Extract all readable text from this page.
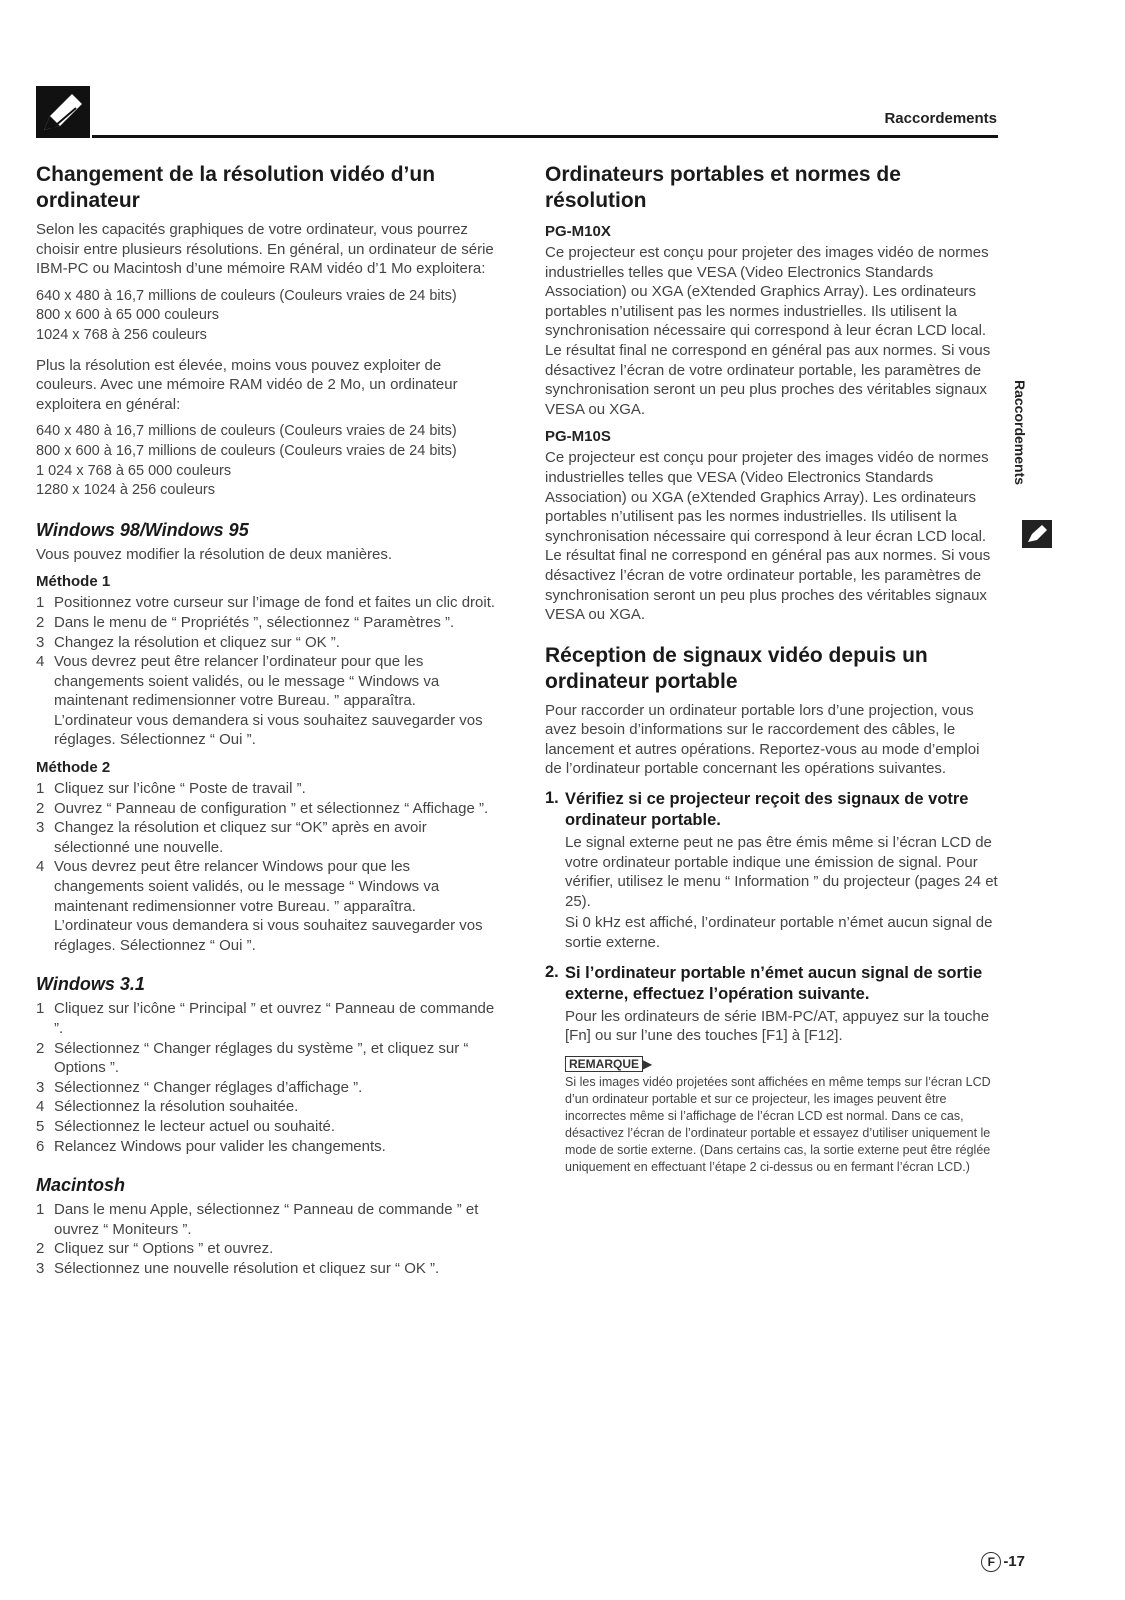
Raccordements
Changement de la résolution vidéo d’un ordinateur

Selon les capacités graphiques de votre ordinateur, vous pourrez choisir entre plusieurs résolutions. En général, un ordinateur de série IBM-PC ou Macintosh d’une mémoire RAM vidéo d’1 Mo exploitera:

640 x 480 à 16,7 millions de couleurs (Couleurs vraies de 24 bits)
800 x 600 à 65 000 couleurs
1024 x 768 à 256 couleurs

Plus la résolution est élevée, moins vous pouvez exploiter de couleurs. Avec une mémoire RAM vidéo de 2 Mo, un ordinateur exploitera en général:

640 x 480 à 16,7 millions de couleurs (Couleurs vraies de 24 bits)
800 x 600 à 16,7 millions de couleurs (Couleurs vraies de 24 bits)
1 024 x 768 à 65 000 couleurs
1280 x 1024 à 256 couleurs
Windows 98/Windows 95

Vous pouvez modifier la résolution de deux manières.

Méthode 1
1 Positionnez votre curseur sur l’image de fond et faites un clic droit.
2 Dans le menu de “ Propriétés ”, sélectionnez “ Paramètres ”.
3 Changez la résolution et cliquez sur “ OK ”.
4 Vous devrez peut être relancer l’ordinateur pour que les changements soient validés, ou le message “ Windows va maintenant redimensionner votre Bureau. ” apparaîtra. L’ordinateur vous demandera si vous souhaitez sauvegarder vos réglages. Sélectionnez “ Oui ”.
Méthode 2
1 Cliquez sur l’icône “ Poste de travail ”.
2 Ouvrez “ Panneau de configuration ” et sélectionnez “ Affichage ”.
3 Changez la résolution et cliquez sur “OK” après en avoir sélectionné une nouvelle.
4 Vous devrez peut être relancer Windows pour que les changements soient validés, ou le message “ Windows va maintenant redimensionner votre Bureau. ” apparaîtra. L’ordinateur vous demandera si vous souhaitez sauvegarder vos réglages. Sélectionnez “ Oui ”.
Windows 3.1
1 Cliquez sur l’icône “ Principal ” et ouvrez “ Panneau de commande ”.
2 Sélectionnez “ Changer réglages du système ”, et cliquez sur “ Options ”.
3 Sélectionnez “ Changer réglages d’affichage ”.
4 Sélectionnez la résolution souhaitée.
5 Sélectionnez le lecteur actuel ou souhaité.
6 Relancez Windows pour valider les changements.
Macintosh
1 Dans le menu Apple, sélectionnez “ Panneau de commande ” et ouvrez “ Moniteurs ”.
2 Cliquez sur “ Options ” et ouvrez.
3 Sélectionnez une nouvelle résolution et cliquez sur “ OK ”.
Ordinateurs portables et normes de résolution
PG-M10X

Ce projecteur est conçu pour projeter des images vidéo de normes industrielles telles que VESA (Video Electronics Standards Association) ou XGA (eXtended Graphics Array). Les ordinateurs portables n’utilisent pas les normes industrielles. Ils utilisent la synchronisation nécessaire qui correspond à leur écran LCD local. Le résultat final ne correspond en général pas aux normes. Si vous désactivez l’écran de votre ordinateur portable, les paramètres de synchronisation seront un peu plus proches des véritables signaux VESA ou XGA.

PG-M10S

Ce projecteur est conçu pour projeter des images vidéo de normes industrielles telles que VESA (Video Electronics Standards Association) ou XGA (eXtended Graphics Array). Les ordinateurs portables n’utilisent pas les normes industrielles. Ils utilisent la synchronisation nécessaire qui correspond à leur écran LCD local. Le résultat final ne correspond en général pas aux normes. Si vous désactivez l’écran de votre ordinateur portable, les paramètres de synchronisation seront un peu plus proches des véritables signaux VESA ou XGA.

Réception de signaux vidéo depuis un ordinateur portable

Pour raccorder un ordinateur portable lors d’une projection, vous avez besoin d’informations sur le raccordement des câbles, le lancement et autres opérations. Reportez-vous au mode d’emploi de l’ordinateur portable concernant les opérations suivantes.

1. Vérifiez si ce projecteur reçoit des signaux de votre ordinateur portable.

Le signal externe peut ne pas être émis même si l’écran LCD de votre ordinateur portable indique une émission de signal. Pour vérifier, utilisez le menu “ Information ” du projecteur (pages 24 et 25).

Si 0 kHz est affiché, l’ordinateur portable n’émet aucun signal de sortie externe.

2. Si l’ordinateur portable n’émet aucun signal de sortie externe, effectuez l’opération suivante.

Pour les ordinateurs de série IBM-PC/AT, appuyez sur la touche [Fn] ou sur l’une des touches [F1] à [F12].

REMARQUE ▶
Si les images vidéo projetées sont affichées en même temps sur l’écran LCD d’un ordinateur portable et sur ce projecteur, les images peuvent être incorrectes même si l’affichage de l’écran LCD est normal. Dans ce cas, désactivez l’écran de l’ordinateur portable et essayez d’utiliser uniquement le mode de sortie externe. (Dans certains cas, la sortie externe peut être réglée uniquement en effectuant l’étape 2 ci-dessus ou en fermant l’écran LCD.)
Raccordements
F -17
